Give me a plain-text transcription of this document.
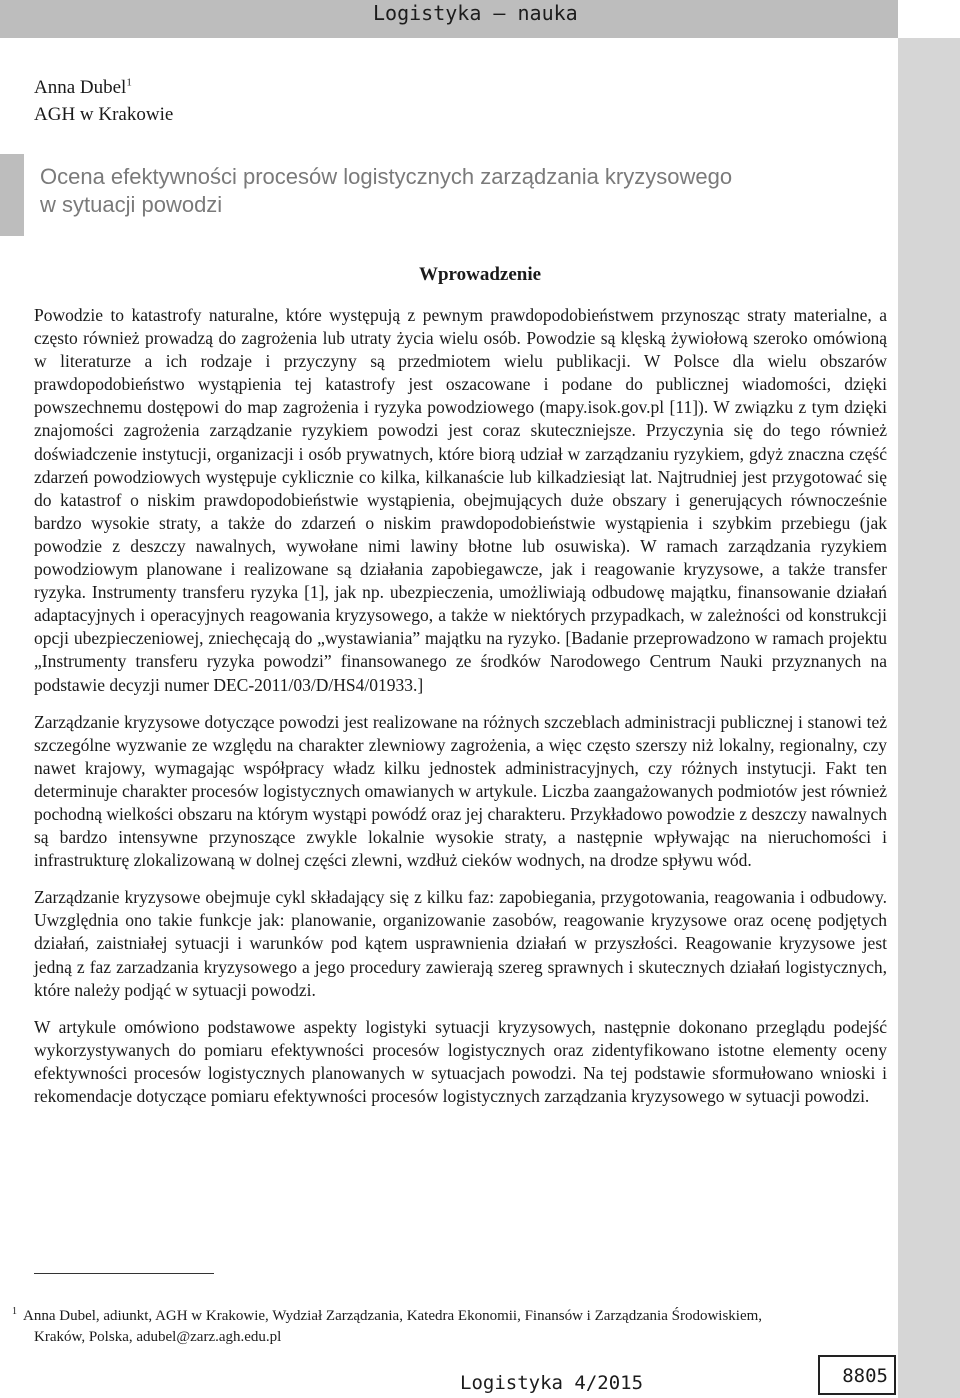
Logistyka – nauka
Anna Dubel$^1$
AGH w Krakowie
Ocena efektywności procesów logistycznych zarządzania kryzysowego
w sytuacji powodzi
Wprowadzenie

Powodzie to katastrofy naturalne, które występują z pewnym prawdopodobieństwem przynosząc straty materialne, a często również prowadzą do zagrożenia lub utraty życia wielu osób. Powodzie są klęską żywiołową szeroko omówioną w literaturze a ich rodzaje i przyczyny są przedmiotem wielu publikacji. W Polsce dla wielu obszarów prawdopodobieństwo wystąpienia tej katastrofy jest oszacowane i podane do publicznej wiadomości, dzięki powszechnemu dostępowi do map zagrożenia i ryzyka powodziowego (mapy.isok.gov.pl [11]). W związku z tym dzięki znajomości zagrożenia zarządzanie ryzykiem powodzi jest coraz skuteczniejsze. Przyczynia się do tego również doświadczenie instytucji, organizacji i osób prywatnych, które biorą udział w zarządzaniu ryzykiem, gdyż znaczna część zdarzeń powodziowych występuje cyklicznie co kilka, kilkanaście lub kilkadziesiąt lat. Najtrudniej jest przygotować się do katastrof o niskim prawdopodobieństwie wystąpienia, obejmujących duże obszary i generujących równocześnie bardzo wysokie straty, a także do zdarzeń o niskim prawdopodobieństwie wystąpienia i szybkim przebiegu (jak powodzie z deszczy nawalnych, wywołane nimi lawiny błotne lub osuwiska). W ramach zarządzania ryzykiem powodziowym planowane i realizowane są działania zapobiegawcze, jak i reagowanie kryzysowe, a także transfer ryzyka. Instrumenty transferu ryzyka [1], jak np. ubezpieczenia, umożliwiają odbudowę majątku, finansowanie działań adaptacyjnych i operacyjnych reagowania kryzysowego, a także w niektórych przypadkach, w zależności od konstrukcji opcji ubezpieczeniowej, zniechęcają do „wystawiania” majątku na ryzyko. [Badanie przeprowadzono w ramach projektu „Instrumenty transferu ryzyka powodzi” finansowanego ze środków Narodowego Centrum Nauki przyznanych na podstawie decyzji numer DEC-2011/03/D/HS4/01933.]

Zarządzanie kryzysowe dotyczące powodzi jest realizowane na różnych szczeblach administracji publicznej i stanowi też szczególne wyzwanie ze względu na charakter zlewniowy zagrożenia, a więc często szerszy niż lokalny, regionalny, czy nawet krajowy, wymagając współpracy władz kilku jednostek administracyjnych, czy różnych instytucji. Fakt ten determinuje charakter procesów logistycznych omawianych w artykule. Liczba zaangażowanych podmiotów jest również pochodną wielkości obszaru na którym wystąpi powódź oraz jej charakteru. Przykładowo powodzie z deszczy nawalnych są bardzo intensywne przynoszące zwykle lokalnie wysokie straty, a następnie wpływając na nieruchomości i infrastrukturę zlokalizowaną w dolnej części zlewni, wzdłuż cieków wodnych, na drodze spływu wód.

Zarządzanie kryzysowe obejmuje cykl składający się z kilku faz: zapobiegania, przygotowania, reagowania i odbudowy. Uwzględnia ono takie funkcje jak: planowanie, organizowanie zasobów, reagowanie kryzysowe oraz ocenę podjętych działań, zaistniałej sytuacji i warunków pod kątem usprawnienia działań w przyszłości. Reagowanie kryzysowe jest jedną z faz zarzadzania kryzysowego a jego procedury zawierają szereg sprawnych i skutecznych działań logistycznych, które należy podjąć w sytuacji powodzi.

W artykule omówiono podstawowe aspekty logistyki sytuacji kryzysowych, następnie dokonano przeglądu podejść wykorzystywanych do pomiaru efektywności procesów logistycznych oraz zidentyfikowano istotne elementy oceny efektywności procesów logistycznych planowanych w sytuacjach powodzi. Na tej podstawie sformułowano wnioski i rekomendacje dotyczące pomiaru efektywności procesów logistycznych zarządzania kryzysowego w sytuacji powodzi.

$^1$ Anna Dubel, adiunkt, AGH w Krakowie, Wydział Zarządzania, Katedra Ekonomii, Finansów i Zarządzania Środowiskiem,
Kraków, Polska, adubel@zarz.agh.edu.pl
Logistyka 4/2015	8805
